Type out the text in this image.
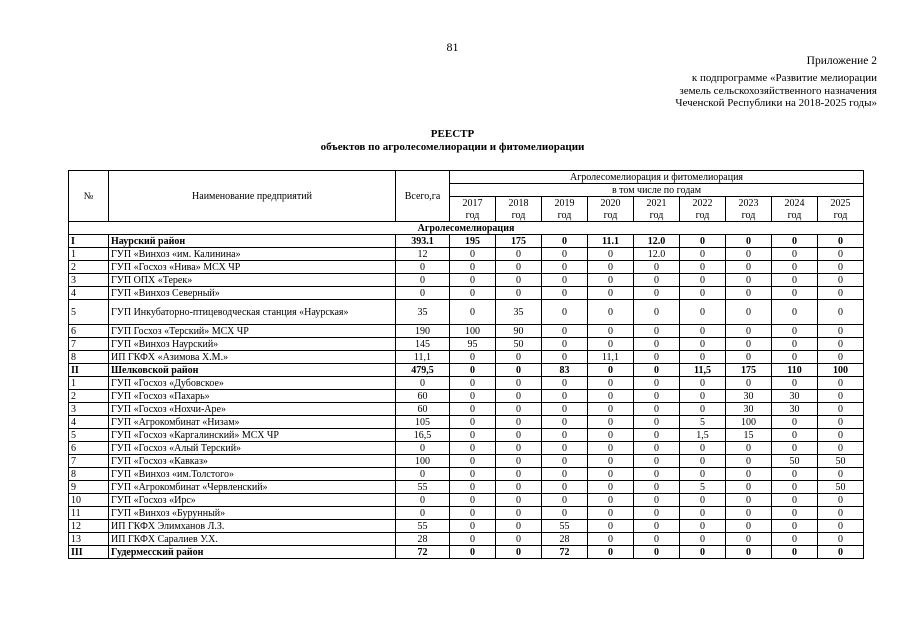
81
Приложение 2
к подпрограмме «Развитие мелиорации
земель сельскохозяйственного назначения
Чеченской Республики на 2018-2025 годы»
РЕЕСТР
объектов по агролесомелиорации и фитомелиорации
№	Наименование предприятий	Всего,га	Агролесомелиорация и фитомелиорация								
			в том числе по годам								
			2017	2018	2019	2020	2021	2022	2023	2024	2025
			год	год	год	год	год	год	год	год	год
Агролесомелиорация											
I	Наурский район	393.1	195	175	0	11.1	12.0	0	0	0	0
1	ГУП «Винхоз «им. Калинина»	12	0	0	0	0	12.0	0	0	0	0
2	ГУП «Госхоз «Нива» МСХ ЧР	0	0	0	0	0	0	0	0	0	0
3	ГУП ОПХ «Терек»	0	0	0	0	0	0	0	0	0	0
4	ГУП «Винхоз Северный»	0	0	0	0	0	0	0	0	0	0
5	ГУП Инкубаторно-птицеводческая станция «Наурская»	35	0	35	0	0	0	0	0	0	0
6	ГУП Госхоз «Терский» МСХ ЧР	190	100	90	0	0	0	0	0	0	0
7	ГУП «Винхоз Наурский»	145	95	50	0	0	0	0	0	0	0
8	ИП ГКФХ «Азимова Х.М.»	11,1	0	0	0	11,1	0	0	0	0	0
II	Шелковской район	479,5	0	0	83	0	0	11,5	175	110	100
1	ГУП «Госхоз «Дубовское»	0	0	0	0	0	0	0	0	0	0
2	ГУП «Госхоз «Пахарь»	60	0	0	0	0	0	0	30	30	0
3	ГУП «Госхоз «Нохчи-Аре»	60	0	0	0	0	0	0	30	30	0
4	ГУП «Агрокомбинат «Низам»	105	0	0	0	0	0	5	100	0	0
5	ГУП «Госхоз «Каргалинский» МСХ ЧР	16,5	0	0	0	0	0	1,5	15	0	0
6	ГУП «Госхоз «Алый Терский»	0	0	0	0	0	0	0	0	0	0
7	ГУП «Госхоз «Кавказ»	100	0	0	0	0	0	0	0	50	50
8	ГУП «Винхоз «им.Толстого»	0	0	0	0	0	0	0	0	0	0
9	ГУП «Агрокомбинат «Червленский»	55	0	0	0	0	0	5	0	0	50
10	ГУП «Госхоз «Ирс»	0	0	0	0	0	0	0	0	0	0
11	ГУП «Винхоз «Бурунный»	0	0	0	0	0	0	0	0	0	0
12	ИП ГКФХ Элимханов Л.З.	55	0	0	55	0	0	0	0	0	0
13	ИП ГКФХ Саралиев У.Х.	28	0	0	28	0	0	0	0	0	0
III	Гудермесский район	72	0	0	72	0	0	0	0	0	0
